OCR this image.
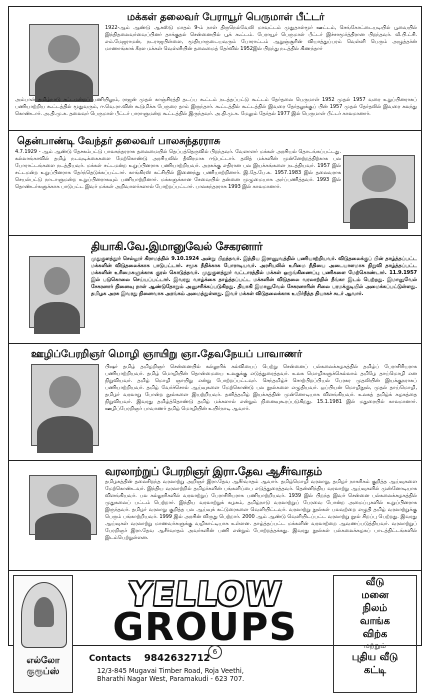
மக்கள் தலைவர் பேராயூர் பெருமாள் பீட்டர்
1922-ஆம் ஆண்டு ஆகஸ்டு மாதம் 9-ம் நாள் திருநெல்வேலி மாவட்டம் முதுதாள்மூர் ஊட்டம், செங்கோட்டையடியில் பூவையில் இந்திதலைவர்வைப்பினர் தாக்குதல் சென்னையில் பூக் கூட்டம். பேராயூர் பெருமாள் பீட்டர் இச்சாமூர்த்திரான பிறந்தவர். வீ.பி.ட்சி. எம்.மேஜராமன், நடராஜபிள்ளை, மூதியாருடையவரும் போராட்டம் ஆறுஞ்சூரின் வியாத்துப்பரம் வெள்ளி பெரும் அழுத்தர்ன் மாணாங்காக் கீரள மக்கள் வெள்ளியின் தலைமைத் தேர்வில் 1952இல் பிறந்து நடத்தில் கிணந்தார்
அம்பாள் தமிழ்நாடு சட்டமன்றப் பணியிலும், ராஜன் முதல் காஞ்சிரத்தி தடப்ப கூட்டம் நடத்தப்பட்டு கூட்டம் தேர்தலை பெருமாள் 1952 முதல் 1957 வரை உறுப்பினராகப் பணியாற்றிய கூட்டத்தில் மூதுவரும், ஈ.வெ.ரா.வின் கூடுமிக்க பேருரை தாம் இருந்தார். கூட்டத்தில் கூட்டத்தில் இவரை தேர்தலுக்குப் பின் 1957 முதல் தேர்தலில் இவரை கலந்து கொண்டார். அ.தி.மு.க. தலைவர் பெருமாள் பீட்டர் பாராளுமன்ற கூட்டத்தில் இருந்தவர். அ.தி.மு.க. மேலும் தேர்தல் 1977 இல் பெருமாள் பீட்டர் காலமானார்.
தென்பாண்டி வேந்தர் தலைவர் பாலசுந்தரராசு
4.7.1929 - ஆம் ஆண்டு தேசகம்பட்டு பாலசுந்தரராசு தலைமையில் தெப்பத்தெருவில் பிறந்தவர். வேளாளர் மக்கள் அரசியல் தொடங்கப்பட்டது. கல்லாங்காவில் தமிழ் நடவடிக்கைகளை மேற்கொண்டு அரசியலில் தீவிரமாக ஈடுபட்டார். தலித் மக்களின் முன்னேற்றத்திற்காக பல போராட்டங்களை நடத்தியவர். மக்கள் சட்டமன்ற உறுப்பினராக பணியாற்றியவர். அரசுக்கு எதிரான பல இயக்கங்களை நடத்தியவர். 1957 இல் சட்டமன்ற உறுப்பினராக தேர்ந்தெடுக்கப்பட்டார். காங்கிரஸ் கட்சியில் இணைந்து பணியாற்றினார். இ.தே.பே.க. 1957.1983 இல் தலைவராக செயல்பட்டு நாடாளுமன்ற உறுப்பினராகவும் பணியாற்றினார். மக்களுக்கான சேவையில் தன்னை முழுமையாக அர்ப்பணித்தவர். 1993 இல் தொண்டர்களுக்காக பாடுபட்ட இவர் மக்கள் அறிவாளர்களால் போற்றப்பட்டார். பாலசுந்தரராசு 1993 இல் காலமானார்.
தியாகி.வே.இமானுவேல் சேகரனார்
முதுகுளத்தூர் செல்லூர் கிராமத்தில் 9.10.1924 அன்று பிறந்தவர். இந்திய இராணுவத்தில் பணியாற்றியவர். விடுதலைக்குப் பின் தாழ்த்தப்பட்ட மக்களின் விடுதலைக்காக பாடுபட்டார். சமூக நீதிக்காக போராடியவர். அரசியலில் உரிமை நீதியை அடையாளமாக நிறுவி தாழ்த்தப்பட்ட மக்களின் உரிமைகளுக்காக குரல் கொடுத்தவர். முதுகுளத்தூர் வட்டாரத்தில் மக்கள் ஒருங்கிணைப்பு பணிகளை மேற்கொண்டார். 11.9.1957 இல் படுகொலை செய்யப்பட்டார். இவரது வாழ்க்கை தாழ்த்தப்பட்ட மக்களின் விடுதலை வரலாற்றில் நீங்கா இடம் பெற்றது. இமானுவேல் சேகரனார் நினைவு நாள் ஆண்டுதோறும் அனுசரிக்கப்படுகிறது. தியாகி இமானுவேல் சேகரனாரின் சிலை பரமக்குடியில் அமைக்கப்பட்டுள்ளது. தமிழக அரசு இவரது நினைவாக அரங்கம் அமைத்துள்ளது. இவர் மக்கள் விடுதலைக்காக உயிர்நீத்த தியாகச் சுடர் ஆவார்.
ஊழிப்பேரறிஞர் மொழி ஞாயிறு ஞா.தேவநேயப் பாவாணர்
பிஷர் தமிழ் தமிழறிஞர் சென்னையில் கல்லூரிக் கல்வியைப் பெற்று சென்னைப் பல்கலைக்கழகத்தில் தமிழ்ப் பேராசிரியராக பணியாற்றியவர். தமிழ் மொழியின் தொன்மையை உலகுக்கு எடுத்துரைத்தவர். உலக மொழிகளுக்கெல்லாம் தமிழே தாய்மொழி என நிறுவியவர். தமிழ் மொழி ஞாயிறு என்று போற்றப்பட்டவர். செந்தமிழ்ச் சொற்பிறப்பியல் பேரகர முதலியின் இயக்குநராகப் பணியாற்றியவர். தமிழ் வேர்ச்சொல் ஆய்வுகளை மேற்கொண்டு பல நூல்களை எழுதியவர். ஒப்பியன் மொழிநூல், முதல் தாய்மொழி, தமிழர் வரலாறு போன்ற நூல்களை இயற்றியவர். தனித்தமிழ் இயக்கத்தின் முன்னோடியாக விளங்கியவர். உலகத் தமிழ்க் கழகத்தை நிறுவியவர். இவரது தமிழ்த்தொண்டு தமிழ் மக்களால் என்றும் நினைவுகூரப்படுகிறது. 15.1.1981 இல் மதுரையில் காலமானார். ஊழிப்பேரறிஞர் பாவாணர் தமிழ் மொழியின் உயிர்நாடி ஆவார்.
வரலாற்றுப் பேரறிஞர் இரா.தேவ ஆசீர்வாதம்
தமிழகத்தின் தலைசிறந்த வரலாற்று அறிஞர் இரா.தேவ ஆசீர்வாதம் ஆவார். தமிழ்மொழி வரலாறு, தமிழர் நாகரிகம் குறித்த ஆய்வுகளை மேற்கொண்டவர். இந்திய வரலாற்றில் தமிழர்களின் பங்களிப்பை எடுத்துரைத்தவர். தென்னிந்திய வரலாற்று ஆய்வுகளில் முன்னோடியாக விளங்கியவர். பல கல்லூரிகளில் வரலாற்றுப் பேராசிரியராக பணியாற்றியவர். 1939 இல் பிறந்த இவர் சென்னை பல்கலைக்கழகத்தில் முதுகலைப் பட்டம் பெற்றார். இந்திய வரலாற்றுக் கழகம், தமிழ்நாடு வரலாற்றுப் பேரவை போன்ற அமைப்புகளில் உறுப்பினராக இருந்தவர். தமிழர் வரலாறு குறித்த பல ஆய்வுக் கட்டுரைகளை வெளியிட்டவர். வரலாற்று நூல்கள் பலவற்றை எழுதி தமிழ் வரலாற்றுக்கு பெரும் பங்காற்றியவர். 1999 இல் அரசின் விருது பெற்றார். 2000 ஆம் ஆண்டு வெளியிடப்பட்ட வரலாற்று நூல் சிறப்பு பெற்றது. இவரது ஆய்வுகள் வரலாற்று மாணவர்களுக்கு வழிகாட்டியாக உள்ளன. தாழ்த்தப்பட்ட மக்களின் வரலாற்றை ஆவணப்படுத்தியவர். வரலாற்றுப் பேரறிஞர் இரா.தேவ ஆசீர்வாதம் அவர்களின் பணி என்றும் போற்றத்தக்கது. இவரது நூல்கள் பல்கலைக்கழகப் பாடத்திட்டங்களில் இடம்பெற்றுள்ளன.
எல்லோ குரூப்ஸ்
YELLOW
GROUPS
Contacts 9842632712
12/3-845 Mugavai Timber Road, Roja Veethi,
Bharathi Nagar West, Paramakudi - 623 707.
வீடு
மனை
நிலம்
வாங்க
விற்க
மற்றும்
புதிய வீடு
கட்டி
6
